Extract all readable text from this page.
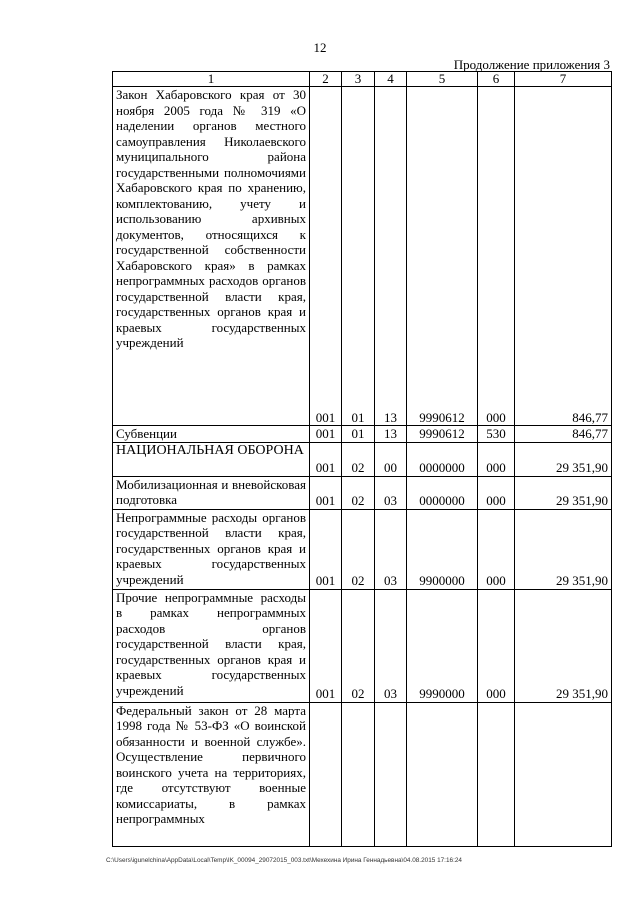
12
Продолжение приложения 3
1	2	3	4	5	6	7
Закон Хабаровского края от 30 ноября 2005 года № 319 «О наделении органов местного самоуправления Николаевского муниципального района государственными полномочиями Хабаровского края по хранению, комплектованию, учету и использованию архивных документов, относящихся к государственной собственности Хабаровского края» в рамках непрограммных расходов органов государственной власти края, государственных органов края и краевых государственных учреждений	001	01	13	9990612	000	846,77
Субвенции	001	01	13	9990612	530	846,77
НАЦИОНАЛЬНАЯ ОБОРОНА	001	02	00	0000000	000	29 351,90
Мобилизационная и вневойсковая подготовка	001	02	03	0000000	000	29 351,90
Непрограммные расходы органов государственной власти края, государственных органов края и краевых государственных учреждений	001	02	03	9900000	000	29 351,90
Прочие непрограммные расходы в рамках непрограммных расходов органов государственной власти края, государственных органов края и краевых государственных учреждений	001	02	03	9990000	000	29 351,90
Федеральный закон от 28 марта 1998 года № 53-ФЗ «О воинской обязанности и военной службе». Осуществление первичного воинского учета на территориях, где отсутствуют военные комиссариаты, в рамках непрограммных						
C:\Users\igunelchina\AppData\Local\Temp\IK_00094_29072015_003.txt\Мехехина Ирина Геннадьевна\04.08.2015 17:16:24
